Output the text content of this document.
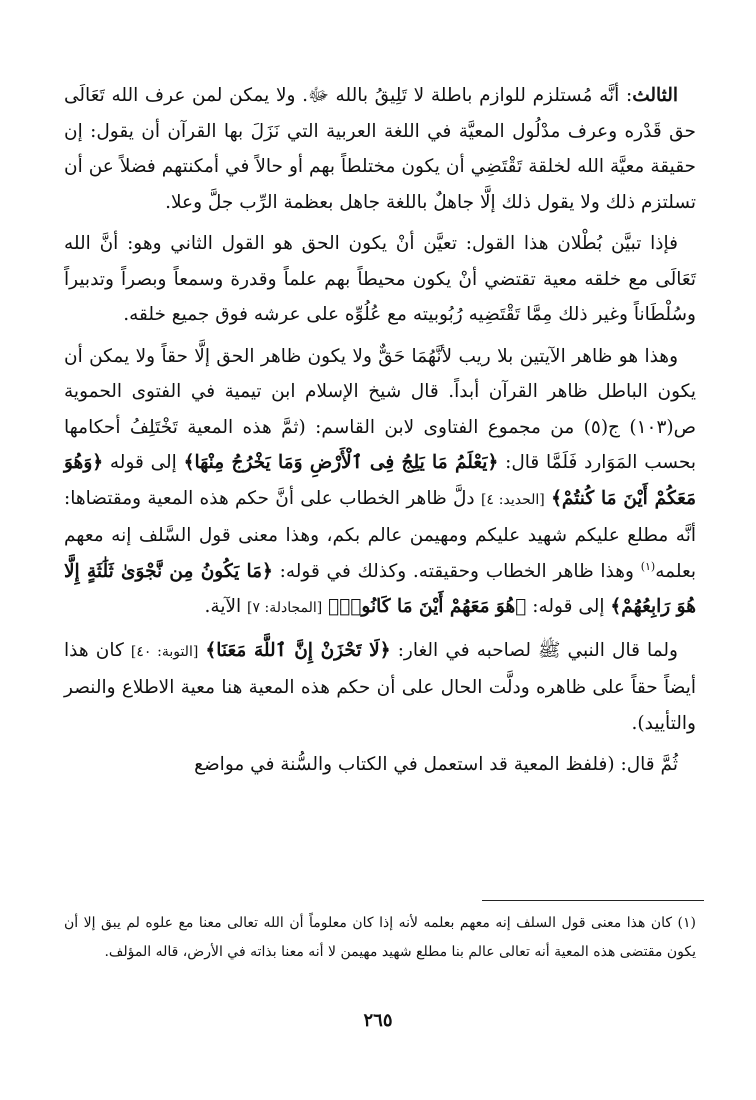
الثالث: أنَّه مُستلزم للوازم باطلة لا تَلِيقُ بالله ﷻ. ولا يمكن لمن عرف الله تَعَالَى حق قَدْره وعرف مدْلُول المعيَّة في اللغة العربية التي نَزَلَ بها القرآن أن يقول: إن حقيقة معيَّة الله لخلقة تَقْتَضِي أن يكون مختلطاً بهم أو حالاً في أمكنتهم فضلاً عن أن تسلتزم ذلك ولا يقول ذلك إلَّا جاهلٌ باللغة جاهل بعظمة الرِّب جلَّ وعلا.

فإذا تبيَّن بُطْلان هذا القول: تعيَّن أنْ يكون الحق هو القول الثاني وهو: أنَّ الله تَعَالَى مع خلقه معية تقتضي أنْ يكون محيطاً بهم علماً وقدرة وسمعاً وبصراً وتدبيراً وسُلْطَاناً وغير ذلك مِمَّا تَقْتَضِيه رُبُوبيته مع عُلُوِّه على عرشه فوق جميع خلقه.

وهذا هو ظاهر الآيتين بلا ريب لأنَّهُمَا حَقٌّ ولا يكون ظاهر الحق إلَّا حقاً ولا يمكن أن يكون الباطل ظاهر القرآن أبداً. قال شيخ الإسلام ابن تيمية في الفتوى الحموية ص(١٠٣) ج(٥) من مجموع الفتاوى لابن القاسم: (ثمَّ هذه المعية تَخْتَلِفُ أحكامها بحسب المَوَارد فَلَمَّا قال: ﴿يَعْلَمُ مَا يَلِجُ فِى ٱلْأَرْضِ وَمَا يَخْرُجُ مِنْهَا﴾ إلى قوله ﴿وَهُوَ مَعَكُمْ أَيْنَ مَا كُنتُمْ﴾ [الحديد: ٤] دلَّ ظاهر الخطاب على أنَّ حكم هذه المعية ومقتضاها: أنَّه مطلع عليكم شهيد عليكم ومهيمن عالم بكم، وهذا معنى قول السَّلف إنه معهم بعلمه$^{(١)}$ وهذا ظاهر الخطاب وحقيقته. وكذلك في قوله: ﴿مَا يَكُونُ مِن نَّجْوَىٰ ثَلَٰثَةٍ إِلَّا هُوَ رَابِعُهُمْ﴾ إلى قوله: ﴿هُوَ مَعَهُمْ أَيْنَ مَا كَانُوا۟﴾ [المجادلة: ٧] الآية.

ولما قال النبي ﷺ لصاحبه في الغار: ﴿لَا تَحْزَنْ إِنَّ ٱللَّهَ مَعَنَا﴾ [التوبة: ٤٠] كان هذا أيضاً حقاً على ظاهره ودلَّت الحال على أن حكم هذه المعية هنا معية الاطلاع والنصر والتأييد).

ثُمَّ قال: (فلفظ المعية قد استعمل في الكتاب والسُّنة في مواضع

(١) كان هذا معنى قول السلف إنه معهم بعلمه لأنه إذا كان معلوماً أن الله تعالى معنا مع علوه لم يبق إلا أن يكون مقتضى هذه المعية أنه تعالى عالم بنا مطلع شهيد مهيمن لا أنه معنا بذاته في الأرض، قاله المؤلف.
٢٦٥
